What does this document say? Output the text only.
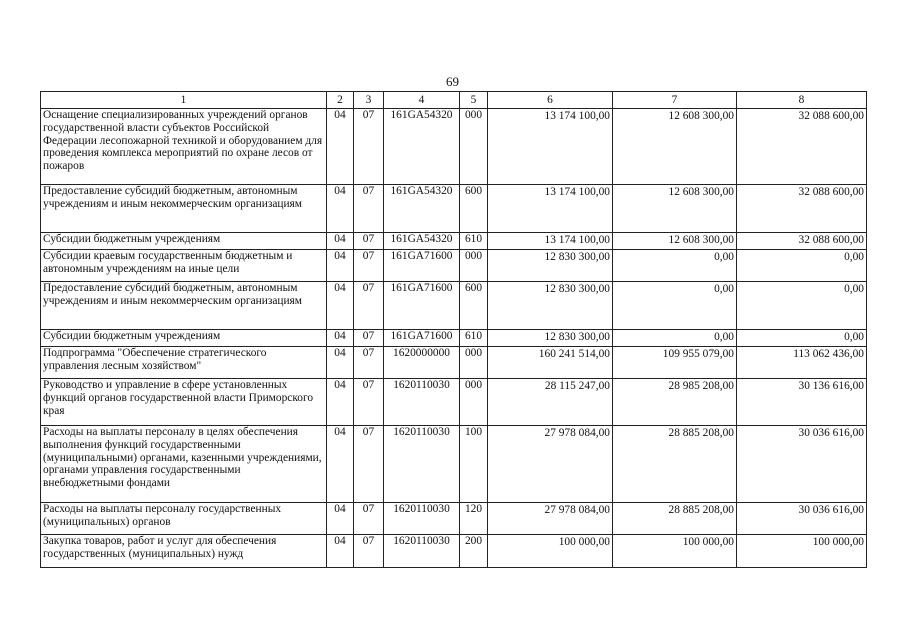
69
1	2	3	4	5	6	7	8
Оснащение специализированных учреждений органов государственной власти субъектов Российской Федерации лесопожарной техникой и оборудованием для проведения комплекса мероприятий по охране лесов от пожаров	04	07	161GA54320	000	13 174 100,00	12 608 300,00	32 088 600,00
Предоставление субсидий бюджетным, автономным учреждениям и иным некоммерческим организациям	04	07	161GA54320	600	13 174 100,00	12 608 300,00	32 088 600,00
Субсидии бюджетным учреждениям	04	07	161GA54320	610	13 174 100,00	12 608 300,00	32 088 600,00
Субсидии краевым государственным бюджетным и автономным учреждениям на иные цели	04	07	161GA71600	000	12 830 300,00	0,00	0,00
Предоставление субсидий бюджетным, автономным учреждениям и иным некоммерческим организациям	04	07	161GA71600	600	12 830 300,00	0,00	0,00
Субсидии бюджетным учреждениям	04	07	161GA71600	610	12 830 300,00	0,00	0,00
Подпрограмма "Обеспечение стратегического управления лесным хозяйством"	04	07	1620000000	000	160 241 514,00	109 955 079,00	113 062 436,00
Руководство и управление в сфере установленных функций органов государственной власти Приморского края	04	07	1620110030	000	28 115 247,00	28 985 208,00	30 136 616,00
Расходы на выплаты персоналу в целях обеспечения выполнения функций государственными (муниципальными) органами, казенными учреждениями, органами управления государственными внебюджетными фондами	04	07	1620110030	100	27 978 084,00	28 885 208,00	30 036 616,00
Расходы на выплаты персоналу государственных (муниципальных) органов	04	07	1620110030	120	27 978 084,00	28 885 208,00	30 036 616,00
Закупка товаров, работ и услуг для обеспечения государственных (муниципальных) нужд	04	07	1620110030	200	100 000,00	100 000,00	100 000,00
